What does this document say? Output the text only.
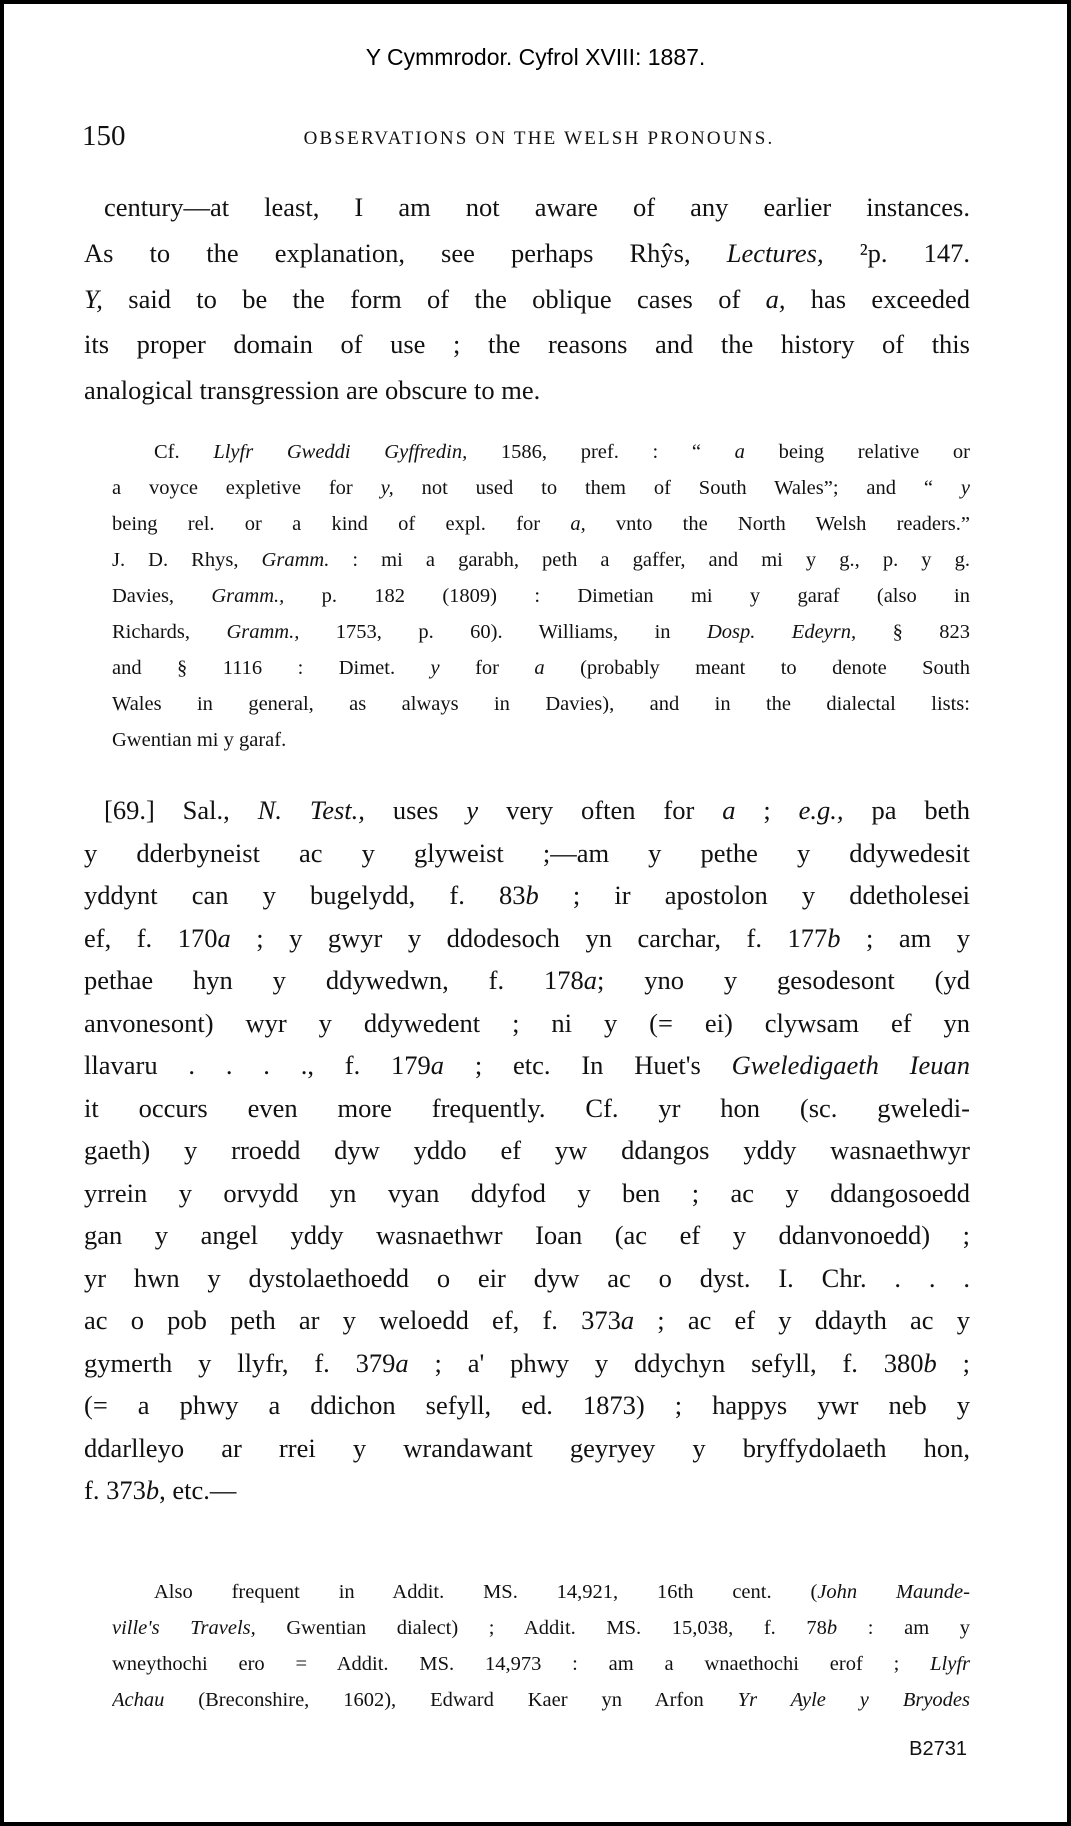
Y Cymmrodor. Cyfrol XVIII: 1887.
150	OBSERVATIONS ON THE WELSH PRONOUNS.
century—at least, I am not aware of any earlier instances.
As to the explanation, see perhaps Rhŷs, Lectures, ²p. 147.
Y, said to be the form of the oblique cases of a, has exceeded
its proper domain of use ; the reasons and the history of this
analogical transgression are obscure to me.
Cf. Llyfr Gweddi Gyffredin, 1586, pref. : “ a being relative or
a voyce expletive for y, not used to them of South Wales”; and “ y
being rel. or a kind of expl. for a, vnto the North Welsh readers.”
J. D. Rhys, Gramm. : mi a garabh, peth a gaffer, and mi y g., p. y g.
Davies, Gramm., p. 182 (1809) : Dimetian mi y garaf (also in
Richards, Gramm., 1753, p. 60). Williams, in Dosp. Edeyrn, § 823
and § 1116 : Dimet. y for a (probably meant to denote South
Wales in general, as always in Davies), and in the dialectal lists:
Gwentian mi y garaf.
[69.] Sal., N. Test., uses y very often for a ; e.g., pa beth
y dderbyneist ac y glyweist ;—am y pethe y ddywedesit
yddynt can y bugelydd, f. 83b ; ir apostolon y ddetholesei
ef, f. 170a ; y gwyr y ddodesoch yn carchar, f. 177b ; am y
pethae hyn y ddywedwn, f. 178a; yno y gesodesont (yd
anvonesont) wyr y ddywedent ; ni y (= ei) clywsam ef yn
llavaru . . . ., f. 179a ; etc. In Huet's Gweledigaeth Ieuan
it occurs even more frequently. Cf. yr hon (sc. gweledi-
gaeth) y rroedd dyw yddo ef yw ddangos yddy wasnaethwyr
yrrein y orvydd yn vyan ddyfod y ben ; ac y ddangosoedd
gan y angel yddy wasnaethwr Ioan (ac ef y ddanvonoedd) ;
yr hwn y dystolaethoedd o eir dyw ac o dyst. I. Chr. . . .
ac o pob peth ar y weloedd ef, f. 373a ; ac ef y ddayth ac y
gymerth y llyfr, f. 379a ; a' phwy y ddychyn sefyll, f. 380b ;
(= a phwy a ddichon sefyll, ed. 1873) ; happys ywr neb y
ddarlleyo ar rrei y wrandawant geyryey y bryffydolaeth hon,
f. 373b, etc.—
Also frequent in Addit. MS. 14,921, 16th cent. (John Maunde-
ville's Travels, Gwentian dialect) ; Addit. MS. 15,038, f. 78b : am y
wneythochi ero = Addit. MS. 14,973 : am a wnaethochi erof ; Llyfr
Achau (Breconshire, 1602), Edward Kaer yn Arfon Yr Ayle y Bryodes
B2731
